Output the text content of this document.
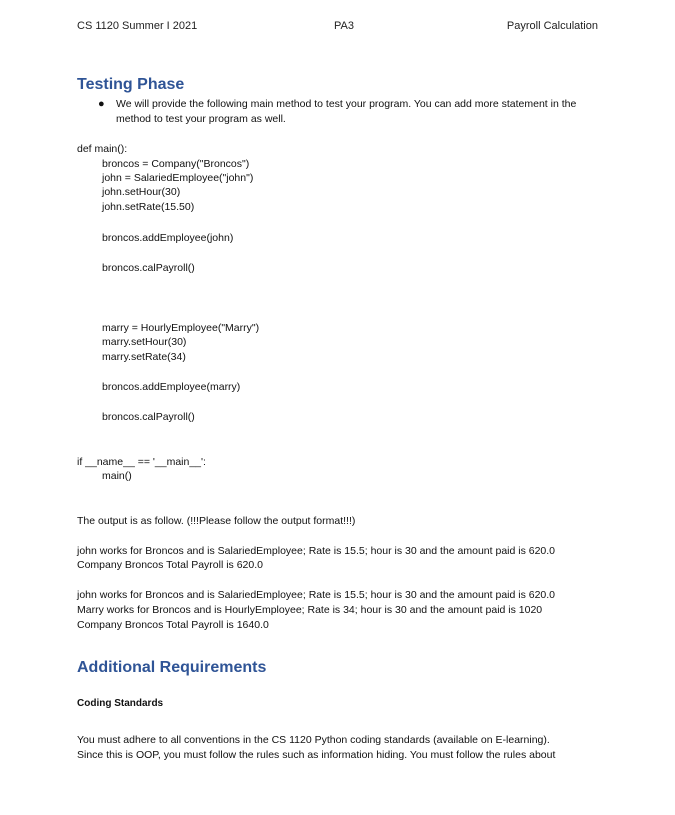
CS 1120 Summer I 2021	PA3	Payroll Calculation
Testing Phase
● We will provide the following main method to test your program. You can add more statement in the method to test your program as well.
def main():
broncos = Company("Broncos")
john = SalariedEmployee("john")
john.setHour(30)
john.setRate(15.50)
broncos.addEmployee(john)
broncos.calPayroll()
marry = HourlyEmployee("Marry")
marry.setHour(30)
marry.setRate(34)
broncos.addEmployee(marry)
broncos.calPayroll()
if __name__ == '__main__':
main()
The output is as follow. (!!!Please follow the output format!!!)
john works for Broncos and is SalariedEmployee; Rate is 15.5; hour is 30 and the amount paid is 620.0
Company Broncos Total Payroll is 620.0
john works for Broncos and is SalariedEmployee; Rate is 15.5; hour is 30 and the amount paid is 620.0
Marry works for Broncos and is HourlyEmployee; Rate is 34; hour is 30 and the amount paid is 1020
Company Broncos Total Payroll is 1640.0
Additional Requirements
Coding Standards
You must adhere to all conventions in the CS 1120 Python coding standards (available on E-learning).
Since this is OOP, you must follow the rules such as information hiding. You must follow the rules about
